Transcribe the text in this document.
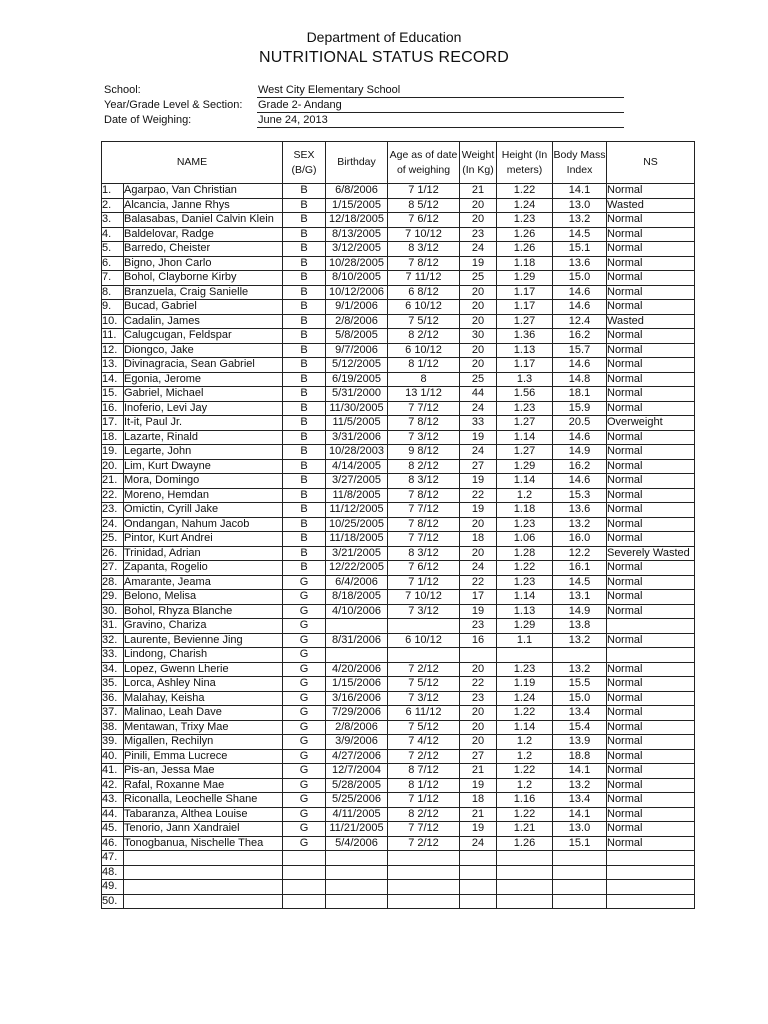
Department of Education
NUTRITIONAL STATUS RECORD
School:	West City Elementary School
Year/Grade Level & Section:	Grade 2- Andang
Date of Weighing:	June 24, 2013
NAME		SEX (B/G)	Birthday	Age as of date of weighing	Weight (In Kg)	Height (In meters)	Body Mass Index	NS
1.	Agarpao, Van Christian	B	6/8/2006	7 1/12	21	1.22	14.1	Normal
2.	Alcancia, Janne Rhys	B	1/15/2005	8 5/12	20	1.24	13.0	Wasted
3.	Balasabas, Daniel Calvin Klein	B	12/18/2005	7 6/12	20	1.23	13.2	Normal
4.	Baldelovar, Radge	B	8/13/2005	7 10/12	23	1.26	14.5	Normal
5.	Barredo, Cheister	B	3/12/2005	8 3/12	24	1.26	15.1	Normal
6.	Bigno, Jhon Carlo	B	10/28/2005	7 8/12	19	1.18	13.6	Normal
7.	Bohol, Clayborne Kirby	B	8/10/2005	7 11/12	25	1.29	15.0	Normal
8.	Branzuela, Craig Sanielle	B	10/12/2006	6 8/12	20	1.17	14.6	Normal
9.	Bucad, Gabriel	B	9/1/2006	6 10/12	20	1.17	14.6	Normal
10.	Cadalin, James	B	2/8/2006	7 5/12	20	1.27	12.4	Wasted
11.	Calugcugan, Feldspar	B	5/8/2005	8 2/12	30	1.36	16.2	Normal
12.	Diongco, Jake	B	9/7/2006	6 10/12	20	1.13	15.7	Normal
13.	Divinagracia, Sean Gabriel	B	5/12/2005	8 1/12	20	1.17	14.6	Normal
14.	Egonia, Jerome	B	6/19/2005	8	25	1.3	14.8	Normal
15.	Gabriel, Michael	B	5/31/2000	13 1/12	44	1.56	18.1	Normal
16.	Inoferio, Levi Jay	B	11/30/2005	7 7/12	24	1.23	15.9	Normal
17.	It-it, Paul Jr.	B	11/5/2005	7 8/12	33	1.27	20.5	Overweight
18.	Lazarte, Rinald	B	3/31/2006	7 3/12	19	1.14	14.6	Normal
19.	Legarte, John	B	10/28/2003	9 8/12	24	1.27	14.9	Normal
20.	Lim, Kurt Dwayne	B	4/14/2005	8 2/12	27	1.29	16.2	Normal
21.	Mora, Domingo	B	3/27/2005	8 3/12	19	1.14	14.6	Normal
22.	Moreno, Hemdan	B	11/8/2005	7 8/12	22	1.2	15.3	Normal
23.	Omictin, Cyrill Jake	B	11/12/2005	7 7/12	19	1.18	13.6	Normal
24.	Ondangan, Nahum Jacob	B	10/25/2005	7 8/12	20	1.23	13.2	Normal
25.	Pintor, Kurt Andrei	B	11/18/2005	7 7/12	18	1.06	16.0	Normal
26.	Trinidad, Adrian	B	3/21/2005	8 3/12	20	1.28	12.2	Severely Wasted
27.	Zapanta, Rogelio	B	12/22/2005	7 6/12	24	1.22	16.1	Normal
28.	Amarante, Jeama	G	6/4/2006	7 1/12	22	1.23	14.5	Normal
29.	Belono, Melisa	G	8/18/2005	7 10/12	17	1.14	13.1	Normal
30.	Bohol, Rhyza Blanche	G	4/10/2006	7 3/12	19	1.13	14.9	Normal
31.	Gravino, Chariza	G			23	1.29	13.8	
32.	Laurente, Bevienne Jing	G	8/31/2006	6 10/12	16	1.1	13.2	Normal
33.	Lindong, Charish	G						
34.	Lopez, Gwenn Lherie	G	4/20/2006	7 2/12	20	1.23	13.2	Normal
35.	Lorca, Ashley Nina	G	1/15/2006	7 5/12	22	1.19	15.5	Normal
36.	Malahay, Keisha	G	3/16/2006	7 3/12	23	1.24	15.0	Normal
37.	Malinao, Leah Dave	G	7/29/2006	6 11/12	20	1.22	13.4	Normal
38.	Mentawan, Trixy Mae	G	2/8/2006	7 5/12	20	1.14	15.4	Normal
39.	Migallen, Rechilyn	G	3/9/2006	7 4/12	20	1.2	13.9	Normal
40.	Pinili, Emma Lucrece	G	4/27/2006	7 2/12	27	1.2	18.8	Normal
41.	Pis-an, Jessa Mae	G	12/7/2004	8 7/12	21	1.22	14.1	Normal
42.	Rafal, Roxanne Mae	G	5/28/2005	8 1/12	19	1.2	13.2	Normal
43.	Riconalla, Leochelle Shane	G	5/25/2006	7 1/12	18	1.16	13.4	Normal
44.	Tabaranza, Althea Louise	G	4/11/2005	8 2/12	21	1.22	14.1	Normal
45.	Tenorio, Jann Xandraiel	G	11/21/2005	7 7/12	19	1.21	13.0	Normal
46.	Tonogbanua, Nischelle Thea	G	5/4/2006	7 2/12	24	1.26	15.1	Normal
47.								
48.								
49.								
50.								
